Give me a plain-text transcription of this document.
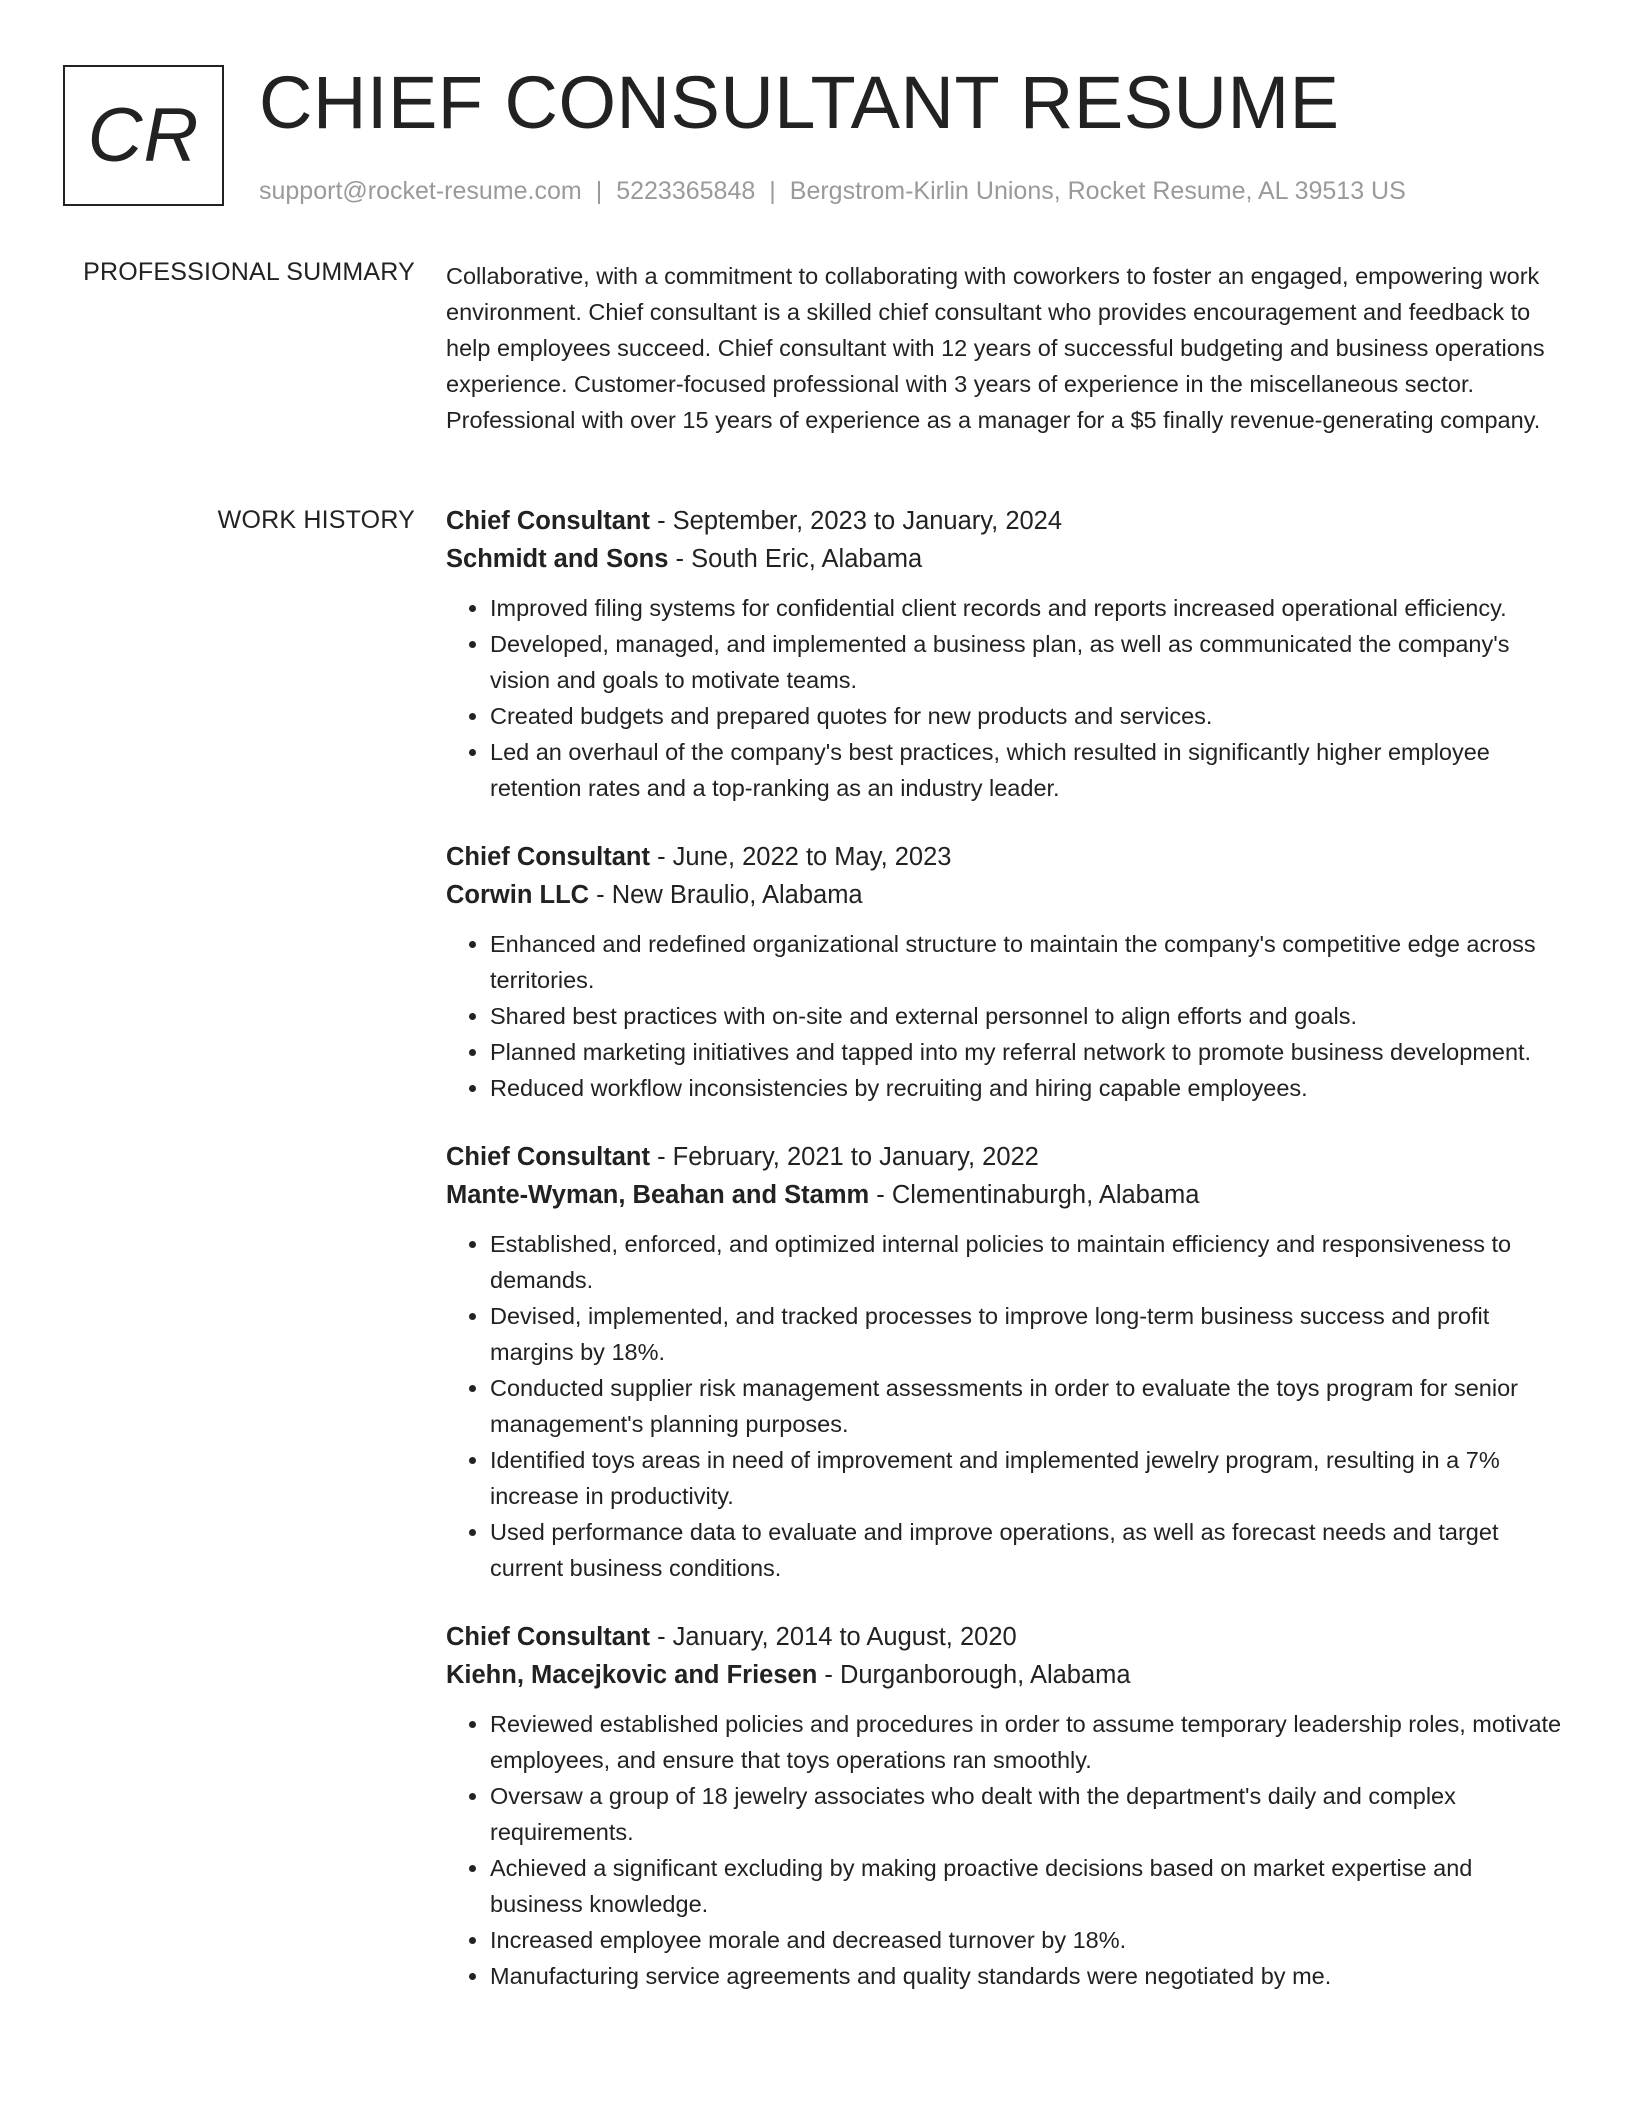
CR CHIEF CONSULTANT RESUME
support@rocket-resume.com | 5223365848 | Bergstrom-Kirlin Unions, Rocket Resume, AL 39513 US
PROFESSIONAL SUMMARY Collaborative, with a commitment to collaborating with coworkers to foster an engaged, empowering work environment. Chief consultant is a skilled chief consultant who provides encouragement and feedback to help employees succeed. Chief consultant with 12 years of successful budgeting and business operations experience. Customer-focused professional with 3 years of experience in the miscellaneous sector. Professional with over 15 years of experience as a manager for a $5 finally revenue-generating company.

WORK HISTORY Chief Consultant - September, 2023 to January, 2024
Schmidt and Sons - South Eric, Alabama
• Improved filing systems for confidential client records and reports increased operational efficiency.
• Developed, managed, and implemented a business plan, as well as communicated the company's vision and goals to motivate teams.
• Created budgets and prepared quotes for new products and services.
• Led an overhaul of the company's best practices, which resulted in significantly higher employee retention rates and a top-ranking as an industry leader.
Chief Consultant - June, 2022 to May, 2023
Corwin LLC - New Braulio, Alabama
• Enhanced and redefined organizational structure to maintain the company's competitive edge across territories.
• Shared best practices with on-site and external personnel to align efforts and goals.
• Planned marketing initiatives and tapped into my referral network to promote business development.
• Reduced workflow inconsistencies by recruiting and hiring capable employees.
Chief Consultant - February, 2021 to January, 2022
Mante-Wyman, Beahan and Stamm - Clementinaburgh, Alabama
• Established, enforced, and optimized internal policies to maintain efficiency and responsiveness to demands.
• Devised, implemented, and tracked processes to improve long-term business success and profit margins by 18%.
• Conducted supplier risk management assessments in order to evaluate the toys program for senior management's planning purposes.
• Identified toys areas in need of improvement and implemented jewelry program, resulting in a 7% increase in productivity.
• Used performance data to evaluate and improve operations, as well as forecast needs and target current business conditions.
Chief Consultant - January, 2014 to August, 2020
Kiehn, Macejkovic and Friesen - Durganborough, Alabama
• Reviewed established policies and procedures in order to assume temporary leadership roles, motivate employees, and ensure that toys operations ran smoothly.
• Oversaw a group of 18 jewelry associates who dealt with the department's daily and complex requirements.
• Achieved a significant excluding by making proactive decisions based on market expertise and business knowledge.
• Increased employee morale and decreased turnover by 18%.
• Manufacturing service agreements and quality standards were negotiated by me.
